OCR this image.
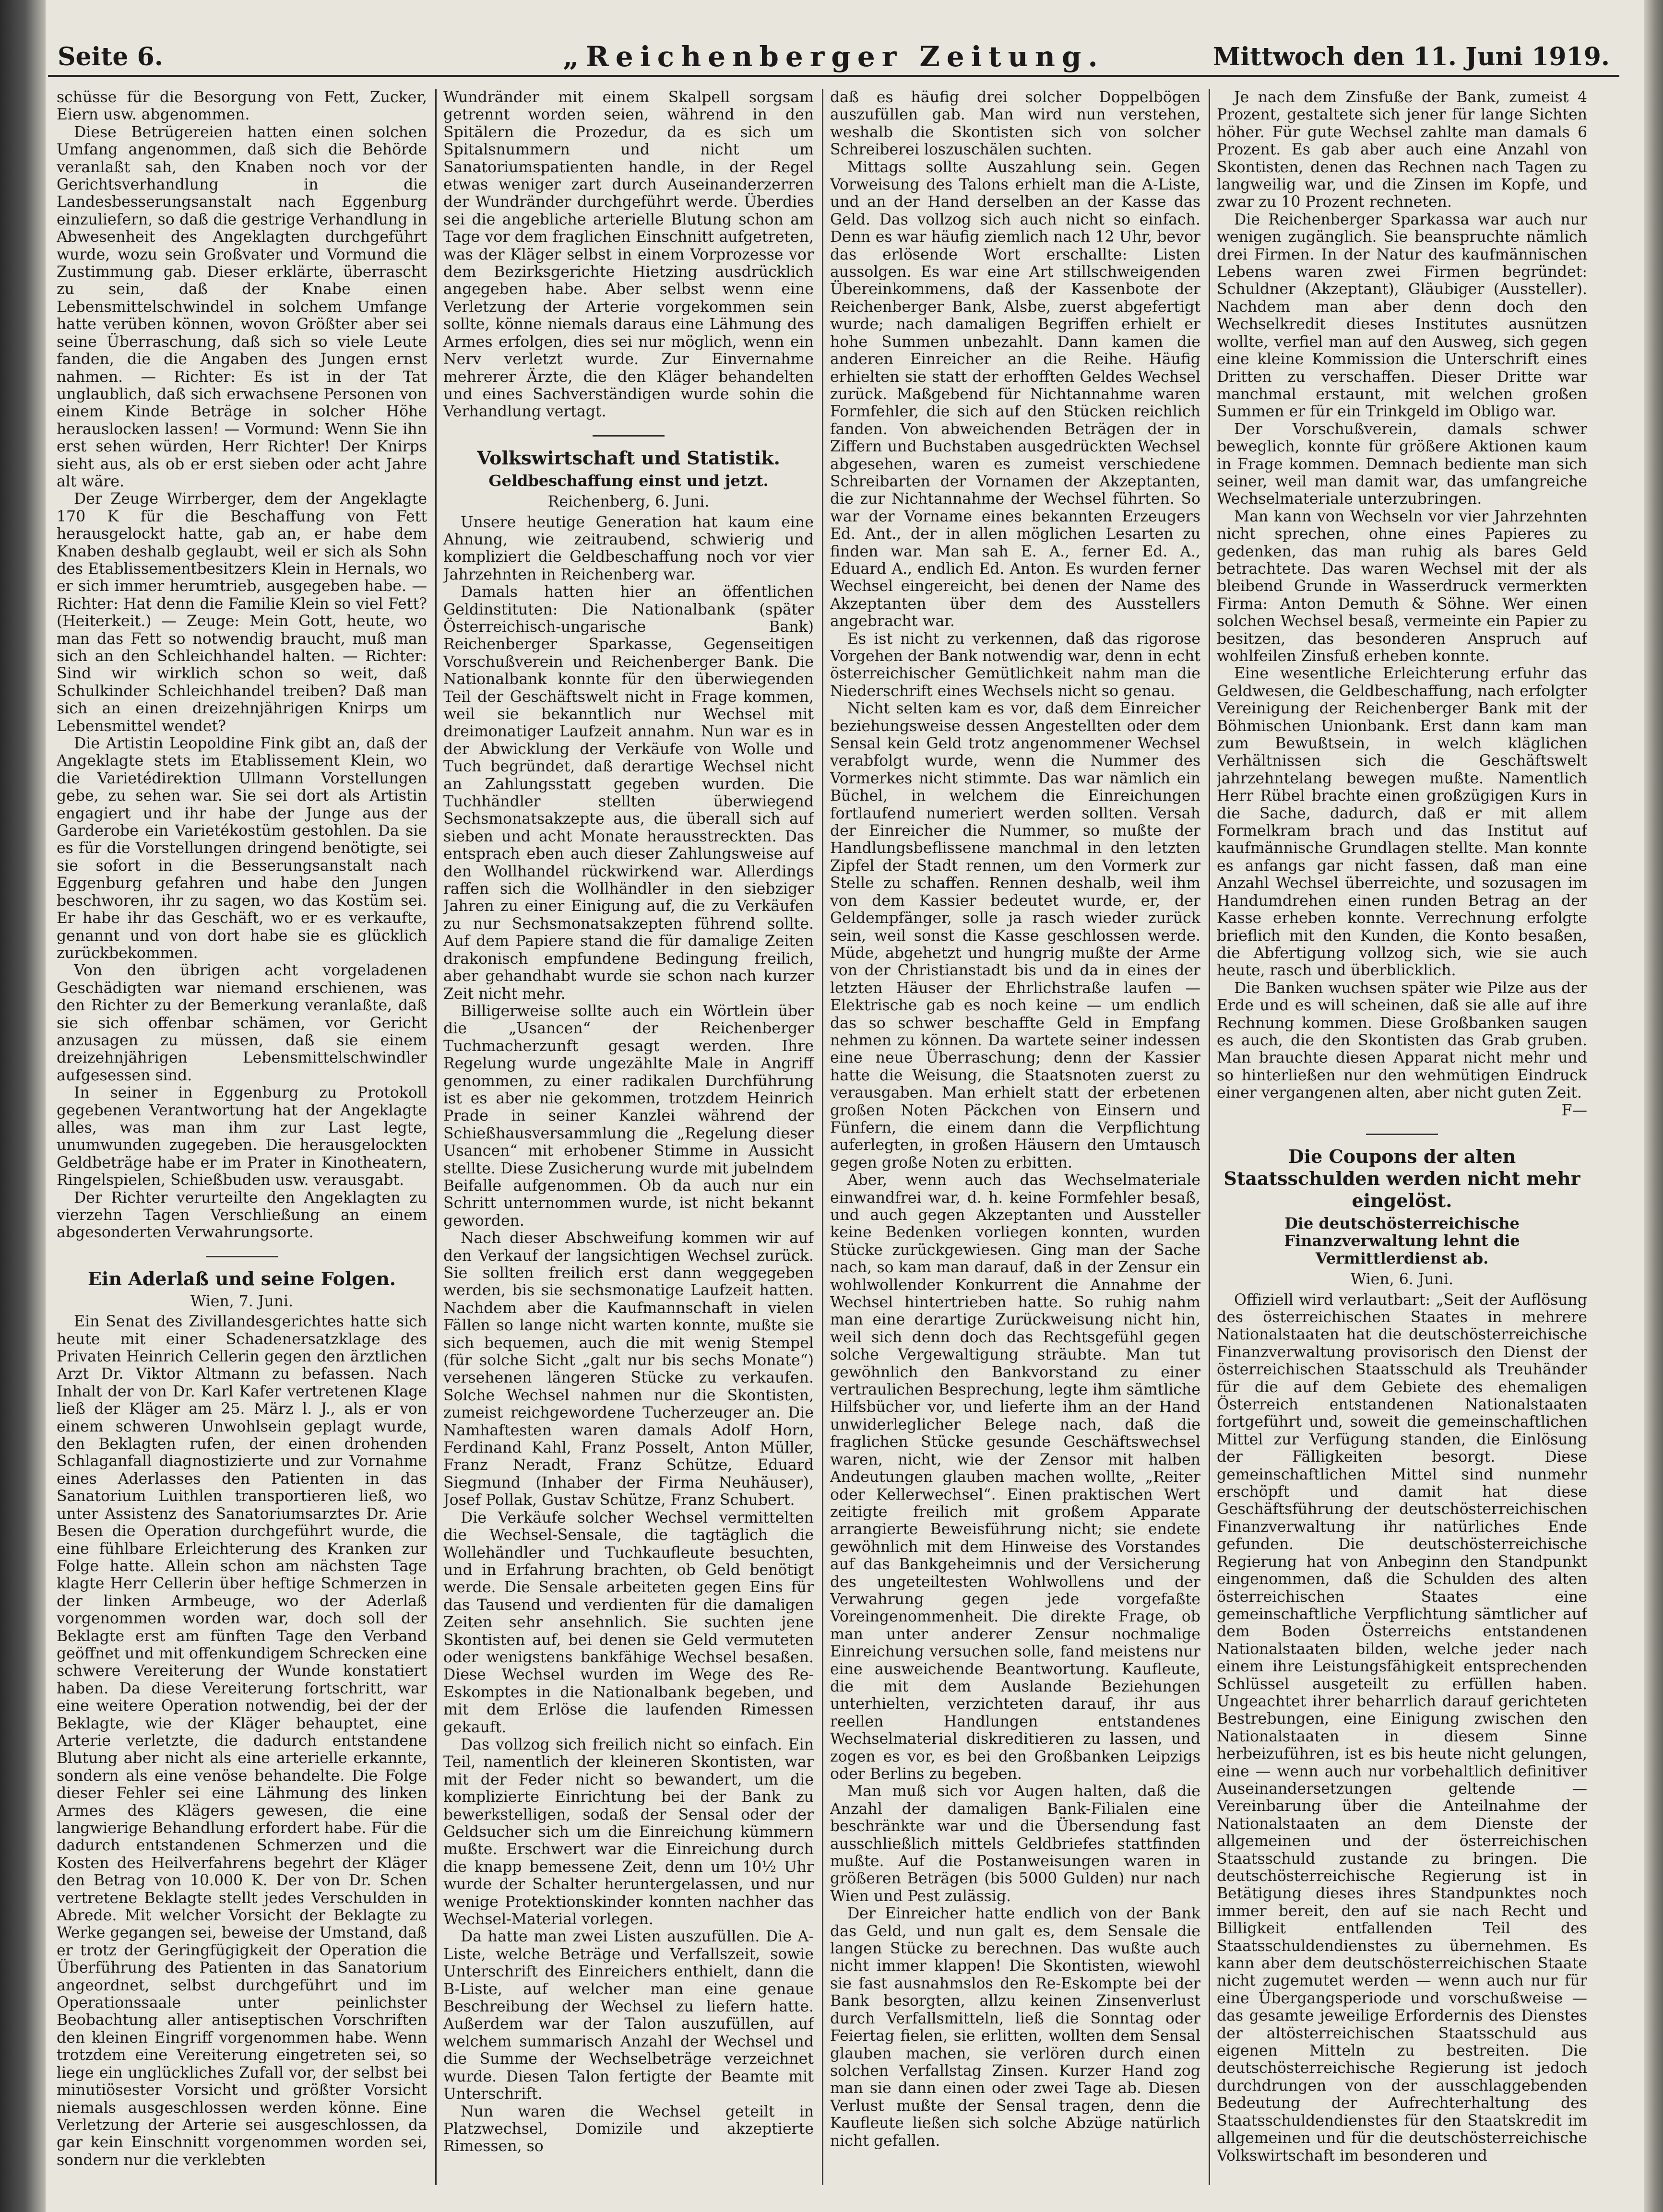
Seite 6.	„Reichenberger Zeitung.	Mittwoch den 11. Juni 1919.

schüsse für die Besorgung von Fett, Zucker, Eiern usw. abgenommen.

Diese Betrügereien hatten einen solchen Umfang angenommen, daß sich die Behörde veranlaßt sah, den Knaben noch vor der Gerichtsverhandlung in die Landesbesserungsanstalt nach Eggenburg einzuliefern, so daß die gestrige Verhandlung in Abwesenheit des Angeklagten durchgeführt wurde, wozu sein Großvater und Vormund die Zustimmung gab. Dieser erklärte, überrascht zu sein, daß der Knabe einen Lebensmittelschwindel in solchem Umfange hatte verüben können, wovon Größter aber sei seine Überraschung, daß sich so viele Leute fanden, die die Angaben des Jungen ernst nahmen. — Richter: Es ist in der Tat unglaublich, daß sich erwachsene Personen von einem Kinde Beträge in solcher Höhe herauslocken lassen! — Vormund: Wenn Sie ihn erst sehen würden, Herr Richter! Der Knirps sieht aus, als ob er erst sieben oder acht Jahre alt wäre.

Der Zeuge Wirrberger, dem der Angeklagte 170 K für die Beschaffung von Fett herausgelockt hatte, gab an, er habe dem Knaben deshalb geglaubt, weil er sich als Sohn des Etablissementbesitzers Klein in Hernals, wo er sich immer herumtrieb, ausgegeben habe. — Richter: Hat denn die Familie Klein so viel Fett? (Heiterkeit.) — Zeuge: Mein Gott, heute, wo man das Fett so notwendig braucht, muß man sich an den Schleichhandel halten. — Richter: Sind wir wirklich schon so weit, daß Schulkinder Schleichhandel treiben? Daß man sich an einen dreizehnjährigen Knirps um Lebensmittel wendet?

Die Artistin Leopoldine Fink gibt an, daß der Angeklagte stets im Etablissement Klein, wo die Varietédirektion Ullmann Vorstellungen gebe, zu sehen war. Sie sei dort als Artistin engagiert und ihr habe der Junge aus der Garderobe ein Varietékostüm gestohlen. Da sie es für die Vorstellungen dringend benötigte, sei sie sofort in die Besserungsanstalt nach Eggenburg gefahren und habe den Jungen beschworen, ihr zu sagen, wo das Kostüm sei. Er habe ihr das Geschäft, wo er es verkaufte, genannt und von dort habe sie es glücklich zurückbekommen.

Von den übrigen acht vorgeladenen Geschädigten war niemand erschienen, was den Richter zu der Bemerkung veranlaßte, daß sie sich offenbar schämen, vor Gericht anzusagen zu müssen, daß sie einem dreizehnjährigen Lebensmittelschwindler aufgesessen sind.

In seiner in Eggenburg zu Protokoll gegebenen Verantwortung hat der Angeklagte alles, was man ihm zur Last legte, unumwunden zugegeben. Die herausgelockten Geldbeträge habe er im Prater in Kinotheatern, Ringelspielen, Schießbuden usw. verausgabt.

Der Richter verurteilte den Angeklagten zu vierzehn Tagen Verschließung an einem abgesonderten Verwahrungsorte.

Ein Aderlaß und seine Folgen.

Wien, 7. Juni.

Ein Senat des Zivillandesgerichtes hatte sich heute mit einer Schadenersatzklage des Privaten Heinrich Cellerin gegen den ärztlichen Arzt Dr. Viktor Altmann zu befassen. Nach Inhalt der von Dr. Karl Kafer vertretenen Klage ließ der Kläger am 25. März l. J., als er von einem schweren Unwohlsein geplagt wurde, den Beklagten rufen, der einen drohenden Schlaganfall diagnostizierte und zur Vornahme eines Aderlasses den Patienten in das Sanatorium Luithlen transportieren ließ, wo unter Assistenz des Sanatoriumsarztes Dr. Arie Besen die Operation durchgeführt wurde, die eine fühlbare Erleichterung des Kranken zur Folge hatte. Allein schon am nächsten Tage klagte Herr Cellerin über heftige Schmerzen in der linken Armbeuge, wo der Aderlaß vorgenommen worden war, doch soll der Beklagte erst am fünften Tage den Verband geöffnet und mit offenkundigem Schrecken eine schwere Vereiterung der Wunde konstatiert haben. Da diese Vereiterung fortschritt, war eine weitere Operation notwendig, bei der der Beklagte, wie der Kläger behauptet, eine Arterie verletzte, die dadurch entstandene Blutung aber nicht als eine arterielle erkannte, sondern als eine venöse behandelte. Die Folge dieser Fehler sei eine Lähmung des linken Armes des Klägers gewesen, die eine langwierige Behandlung erfordert habe. Für die dadurch entstandenen Schmerzen und die Kosten des Heilverfahrens begehrt der Kläger den Betrag von 10.000 K. Der von Dr. Schen vertretene Beklagte stellt jedes Verschulden in Abrede. Mit welcher Vorsicht der Beklagte zu Werke gegangen sei, beweise der Umstand, daß er trotz der Geringfügigkeit der Operation die Überführung des Patienten in das Sanatorium angeordnet, selbst durchgeführt und im Operationssaale unter peinlichster Beobachtung aller antiseptischen Vorschriften den kleinen Eingriff vorgenommen habe. Wenn trotzdem eine Vereiterung eingetreten sei, so liege ein unglückliches Zufall vor, der selbst bei minutiösester Vorsicht und größter Vorsicht niemals ausgeschlossen werden könne. Eine Verletzung der Arterie sei ausgeschlossen, da gar kein Einschnitt vorgenommen worden sei, sondern nur die verklebten

Wundränder mit einem Skalpell sorgsam getrennt worden seien, während in den Spitälern die Prozedur, da es sich um Spitalsnummern und nicht um Sanatoriumspatienten handle, in der Regel etwas weniger zart durch Auseinanderzerren der Wundränder durchgeführt werde. Überdies sei die angebliche arterielle Blutung schon am Tage vor dem fraglichen Einschnitt aufgetreten, was der Kläger selbst in einem Vorprozesse vor dem Bezirksgerichte Hietzing ausdrücklich angegeben habe. Aber selbst wenn eine Verletzung der Arterie vorgekommen sein sollte, könne niemals daraus eine Lähmung des Armes erfolgen, dies sei nur möglich, wenn ein Nerv verletzt wurde. Zur Einvernahme mehrerer Ärzte, die den Kläger behandelten und eines Sachverständigen wurde sohin die Verhandlung vertagt.

Volkswirtschaft und Statistik.

Geldbeschaffung einst und jetzt.

Reichenberg, 6. Juni.

Unsere heutige Generation hat kaum eine Ahnung, wie zeitraubend, schwierig und kompliziert die Geldbeschaffung noch vor vier Jahrzehnten in Reichenberg war.

Damals hatten hier an öffentlichen Geldinstituten: Die Nationalbank (später Österreichisch-ungarische Bank) Reichenberger Sparkasse, Gegenseitigen Vorschußverein und Reichenberger Bank. Die Nationalbank konnte für den überwiegenden Teil der Geschäftswelt nicht in Frage kommen, weil sie bekanntlich nur Wechsel mit dreimonatiger Laufzeit annahm. Nun war es in der Abwicklung der Verkäufe von Wolle und Tuch begründet, daß derartige Wechsel nicht an Zahlungsstatt gegeben wurden. Die Tuchhändler stellten überwiegend Sechsmonatsakzepte aus, die überall sich auf sieben und acht Monate herausstreckten. Das entsprach eben auch dieser Zahlungsweise auf den Wollhandel rückwirkend war. Allerdings raffen sich die Wollhändler in den siebziger Jahren zu einer Einigung auf, die zu Verkäufen zu nur Sechsmonatsakzepten führend sollte. Auf dem Papiere stand die für damalige Zeiten drakonisch empfundene Bedingung freilich, aber gehandhabt wurde sie schon nach kurzer Zeit nicht mehr.

Billigerweise sollte auch ein Wörtlein über die „Usancen“ der Reichenberger Tuchmacherzunft gesagt werden. Ihre Regelung wurde ungezählte Male in Angriff genommen, zu einer radikalen Durchführung ist es aber nie gekommen, trotzdem Heinrich Prade in seiner Kanzlei während der Schießhausversammlung die „Regelung dieser Usancen“ mit erhobener Stimme in Aussicht stellte. Diese Zusicherung wurde mit jubelndem Beifalle aufgenommen. Ob da auch nur ein Schritt unternommen wurde, ist nicht bekannt geworden.

Nach dieser Abschweifung kommen wir auf den Verkauf der langsichtigen Wechsel zurück. Sie sollten freilich erst dann weggegeben werden, bis sie sechsmonatige Laufzeit hatten. Nachdem aber die Kaufmannschaft in vielen Fällen so lange nicht warten konnte, mußte sie sich bequemen, auch die mit wenig Stempel (für solche Sicht „galt nur bis sechs Monate“) versehenen längeren Stücke zu verkaufen. Solche Wechsel nahmen nur die Skontisten, zumeist reichgewordene Tucherzeuger an. Die Namhaftesten waren damals Adolf Horn, Ferdinand Kahl, Franz Posselt, Anton Müller, Franz Neradt, Franz Schütze, Eduard Siegmund (Inhaber der Firma Neuhäuser), Josef Pollak, Gustav Schütze, Franz Schubert.

Die Verkäufe solcher Wechsel vermittelten die Wechsel-Sensale, die tagtäglich die Wollehändler und Tuchkaufleute besuchten, und in Erfahrung brachten, ob Geld benötigt werde. Die Sensale arbeiteten gegen Eins für das Tausend und verdienten für die damaligen Zeiten sehr ansehnlich. Sie suchten jene Skontisten auf, bei denen sie Geld vermuteten oder wenigstens bankfähige Wechsel besaßen. Diese Wechsel wurden im Wege des Re-Eskomptes in die Nationalbank begeben, und mit dem Erlöse die laufenden Rimessen gekauft.

Das vollzog sich freilich nicht so einfach. Ein Teil, namentlich der kleineren Skontisten, war mit der Feder nicht so bewandert, um die komplizierte Einrichtung bei der Bank zu bewerkstelligen, sodaß der Sensal oder der Geldsucher sich um die Einreichung kümmern mußte. Erschwert war die Einreichung durch die knapp bemessene Zeit, denn um 10½ Uhr wurde der Schalter heruntergelassen, und nur wenige Protektionskinder konnten nachher das Wechsel-Material vorlegen.

Da hatte man zwei Listen auszufüllen. Die A-Liste, welche Beträge und Verfallszeit, sowie Unterschrift des Einreichers enthielt, dann die B-Liste, auf welcher man eine genaue Beschreibung der Wechsel zu liefern hatte. Außerdem war der Talon auszufüllen, auf welchem summarisch Anzahl der Wechsel und die Summe der Wechselbeträge verzeichnet wurde. Diesen Talon fertigte der Beamte mit Unterschrift.

Nun waren die Wechsel geteilt in Platzwechsel, Domizile und akzeptierte Rimessen, so

daß es häufig drei solcher Doppelbögen auszufüllen gab. Man wird nun verstehen, weshalb die Skontisten sich von solcher Schreiberei loszuschälen suchten.

Mittags sollte Auszahlung sein. Gegen Vorweisung des Talons erhielt man die A-Liste, und an der Hand derselben an der Kasse das Geld. Das vollzog sich auch nicht so einfach. Denn es war häufig ziemlich nach 12 Uhr, bevor das erlösende Wort erschallte: Listen aussolgen. Es war eine Art stillschweigenden Übereinkommens, daß der Kassenbote der Reichenberger Bank, Alsbe, zuerst abgefertigt wurde; nach damaligen Begriffen erhielt er hohe Summen unbezahlt. Dann kamen die anderen Einreicher an die Reihe. Häufig erhielten sie statt der erhofften Geldes Wechsel zurück. Maßgebend für Nichtannahme waren Formfehler, die sich auf den Stücken reichlich fanden. Von abweichenden Beträgen der in Ziffern und Buchstaben ausgedrückten Wechsel abgesehen, waren es zumeist verschiedene Schreibarten der Vornamen der Akzeptanten, die zur Nichtannahme der Wechsel führten. So war der Vorname eines bekannten Erzeugers Ed. Ant., der in allen möglichen Lesarten zu finden war. Man sah E. A., ferner Ed. A., Eduard A., endlich Ed. Anton. Es wurden ferner Wechsel eingereicht, bei denen der Name des Akzeptanten über dem des Ausstellers angebracht war.

Es ist nicht zu verkennen, daß das rigorose Vorgehen der Bank notwendig war, denn in echt österreichischer Gemütlichkeit nahm man die Niederschrift eines Wechsels nicht so genau.

Nicht selten kam es vor, daß dem Einreicher beziehungsweise dessen Angestellten oder dem Sensal kein Geld trotz angenommener Wechsel verabfolgt wurde, wenn die Nummer des Vormerkes nicht stimmte. Das war nämlich ein Büchel, in welchem die Einreichungen fortlaufend numeriert werden sollten. Versah der Einreicher die Nummer, so mußte der Handlungsbeflissene manchmal in den letzten Zipfel der Stadt rennen, um den Vormerk zur Stelle zu schaffen. Rennen deshalb, weil ihm von dem Kassier bedeutet wurde, er, der Geldempfänger, solle ja rasch wieder zurück sein, weil sonst die Kasse geschlossen werde. Müde, abgehetzt und hungrig mußte der Arme von der Christianstadt bis und da in eines der letzten Häuser der Ehrlichstraße laufen — Elektrische gab es noch keine — um endlich das so schwer beschaffte Geld in Empfang nehmen zu können. Da wartete seiner indessen eine neue Überraschung; denn der Kassier hatte die Weisung, die Staatsnoten zuerst zu verausgaben. Man erhielt statt der erbetenen großen Noten Päckchen von Einsern und Fünfern, die einem dann die Verpflichtung auferlegten, in großen Häusern den Umtausch gegen große Noten zu erbitten.

Aber, wenn auch das Wechselmateriale einwandfrei war, d. h. keine Formfehler besaß, und auch gegen Akzeptanten und Aussteller keine Bedenken vorliegen konnten, wurden Stücke zurückgewiesen. Ging man der Sache nach, so kam man darauf, daß in der Zensur ein wohlwollender Konkurrent die Annahme der Wechsel hintertrieben hatte. So ruhig nahm man eine derartige Zurückweisung nicht hin, weil sich denn doch das Rechtsgefühl gegen solche Vergewaltigung sträubte. Man tut gewöhnlich den Bankvorstand zu einer vertraulichen Besprechung, legte ihm sämtliche Hilfsbücher vor, und lieferte ihm an der Hand unwiderleglicher Belege nach, daß die fraglichen Stücke gesunde Geschäftswechsel waren, nicht, wie der Zensor mit halben Andeutungen glauben machen wollte, „Reiter oder Kellerwechsel“. Einen praktischen Wert zeitigte freilich mit großem Apparate arrangierte Beweisführung nicht; sie endete gewöhnlich mit dem Hinweise des Vorstandes auf das Bankgeheimnis und der Versicherung des ungeteiltesten Wohlwollens und der Verwahrung gegen jede vorgefaßte Voreingenommenheit. Die direkte Frage, ob man unter anderer Zensur nochmalige Einreichung versuchen solle, fand meistens nur eine ausweichende Beantwortung. Kaufleute, die mit dem Auslande Beziehungen unterhielten, verzichteten darauf, ihr aus reellen Handlungen entstandenes Wechselmaterial diskreditieren zu lassen, und zogen es vor, es bei den Großbanken Leipzigs oder Berlins zu begeben.

Man muß sich vor Augen halten, daß die Anzahl der damaligen Bank-Filialen eine beschränkte war und die Übersendung fast ausschließlich mittels Geldbriefes stattfinden mußte. Auf die Postanweisungen waren in größeren Beträgen (bis 5000 Gulden) nur nach Wien und Pest zulässig.

Der Einreicher hatte endlich von der Bank das Geld, und nun galt es, dem Sensale die langen Stücke zu berechnen. Das wußte auch nicht immer klappen! Die Skontisten, wiewohl sie fast ausnahmslos den Re-Eskompte bei der Bank besorgten, allzu keinen Zinsenverlust durch Verfallsmitteln, ließ die Sonntag oder Feiertag fielen, sie erlitten, wollten dem Sensal glauben machen, sie verlören durch einen solchen Verfallstag Zinsen. Kurzer Hand zog man sie dann einen oder zwei Tage ab. Diesen Verlust mußte der Sensal tragen, denn die Kaufleute ließen sich solche Abzüge natürlich nicht gefallen.

Je nach dem Zinsfuße der Bank, zumeist 4 Prozent, gestaltete sich jener für lange Sichten höher. Für gute Wechsel zahlte man damals 6 Prozent. Es gab aber auch eine Anzahl von Skontisten, denen das Rechnen nach Tagen zu langweilig war, und die Zinsen im Kopfe, und zwar zu 10 Prozent rechneten.

Die Reichenberger Sparkassa war auch nur wenigen zugänglich. Sie beanspruchte nämlich drei Firmen. In der Natur des kaufmännischen Lebens waren zwei Firmen begründet: Schuldner (Akzeptant), Gläubiger (Aussteller). Nachdem man aber denn doch den Wechselkredit dieses Institutes ausnützen wollte, verfiel man auf den Ausweg, sich gegen eine kleine Kommission die Unterschrift eines Dritten zu verschaffen. Dieser Dritte war manchmal erstaunt, mit welchen großen Summen er für ein Trinkgeld im Obligo war.

Der Vorschußverein, damals schwer beweglich, konnte für größere Aktionen kaum in Frage kommen. Demnach bediente man sich seiner, weil man damit war, das umfangreiche Wechselmateriale unterzubringen.

Man kann von Wechseln vor vier Jahrzehnten nicht sprechen, ohne eines Papieres zu gedenken, das man ruhig als bares Geld betrachtete. Das waren Wechsel mit der als bleibend Grunde in Wasserdruck vermerkten Firma: Anton Demuth & Söhne. Wer einen solchen Wechsel besaß, vermeinte ein Papier zu besitzen, das besonderen Anspruch auf wohlfeilen Zinsfuß erheben konnte.

Eine wesentliche Erleichterung erfuhr das Geldwesen, die Geldbeschaffung, nach erfolgter Vereinigung der Reichenberger Bank mit der Böhmischen Unionbank. Erst dann kam man zum Bewußtsein, in welch kläglichen Verhältnissen sich die Geschäftswelt jahrzehntelang bewegen mußte. Namentlich Herr Rübel brachte einen großzügigen Kurs in die Sache, dadurch, daß er mit allem Formelkram brach und das Institut auf kaufmännische Grundlagen stellte. Man konnte es anfangs gar nicht fassen, daß man eine Anzahl Wechsel überreichte, und sozusagen im Handumdrehen einen runden Betrag an der Kasse erheben konnte. Verrechnung erfolgte brieflich mit den Kunden, die Konto besaßen, die Abfertigung vollzog sich, wie sie auch heute, rasch und überblicklich.

Die Banken wuchsen später wie Pilze aus der Erde und es will scheinen, daß sie alle auf ihre Rechnung kommen. Diese Großbanken saugen es auch, die den Skontisten das Grab gruben. Man brauchte diesen Apparat nicht mehr und so hinterließen nur den wehmütigen Eindruck einer vergangenen alten, aber nicht guten Zeit.

F—

Die Coupons der alten Staatsschulden werden nicht mehr eingelöst.

Die deutschösterreichische Finanzverwaltung lehnt die Vermittlerdienst ab.

Wien, 6. Juni.

Offiziell wird verlautbart: „Seit der Auflösung des österreichischen Staates in mehrere Nationalstaaten hat die deutschösterreichische Finanzverwaltung provisorisch den Dienst der österreichischen Staatsschuld als Treuhänder für die auf dem Gebiete des ehemaligen Österreich entstandenen Nationalstaaten fortgeführt und, soweit die gemeinschaftlichen Mittel zur Verfügung standen, die Einlösung der Fälligkeiten besorgt. Diese gemeinschaftlichen Mittel sind nunmehr erschöpft und damit hat diese Geschäftsführung der deutschösterreichischen Finanzverwaltung ihr natürliches Ende gefunden. Die deutschösterreichische Regierung hat von Anbeginn den Standpunkt eingenommen, daß die Schulden des alten österreichischen Staates eine gemeinschaftliche Verpflichtung sämtlicher auf dem Boden Österreichs entstandenen Nationalstaaten bilden, welche jeder nach einem ihre Leistungsfähigkeit entsprechenden Schlüssel ausgeteilt zu erfüllen haben. Ungeachtet ihrer beharrlich darauf gerichteten Bestrebungen, eine Einigung zwischen den Nationalstaaten in diesem Sinne herbeizuführen, ist es bis heute nicht gelungen, eine — wenn auch nur vorbehaltlich definitiver Auseinandersetzungen geltende — Vereinbarung über die Anteilnahme der Nationalstaaten an dem Dienste der allgemeinen und der österreichischen Staatsschuld zustande zu bringen. Die deutschösterreichische Regierung ist in Betätigung dieses ihres Standpunktes noch immer bereit, den auf sie nach Recht und Billigkeit entfallenden Teil des Staatsschuldendienstes zu übernehmen. Es kann aber dem deutschösterreichischen Staate nicht zugemutet werden — wenn auch nur für eine Übergangsperiode und vorschußweise — das gesamte jeweilige Erfordernis des Dienstes der altösterreichischen Staatsschuld aus eigenen Mitteln zu bestreiten. Die deutschösterreichische Regierung ist jedoch durchdrungen von der ausschlaggebenden Bedeutung der Aufrechterhaltung des Staatsschuldendienstes für den Staatskredit im allgemeinen und für die deutschösterreichische Volkswirtschaft im besonderen und
